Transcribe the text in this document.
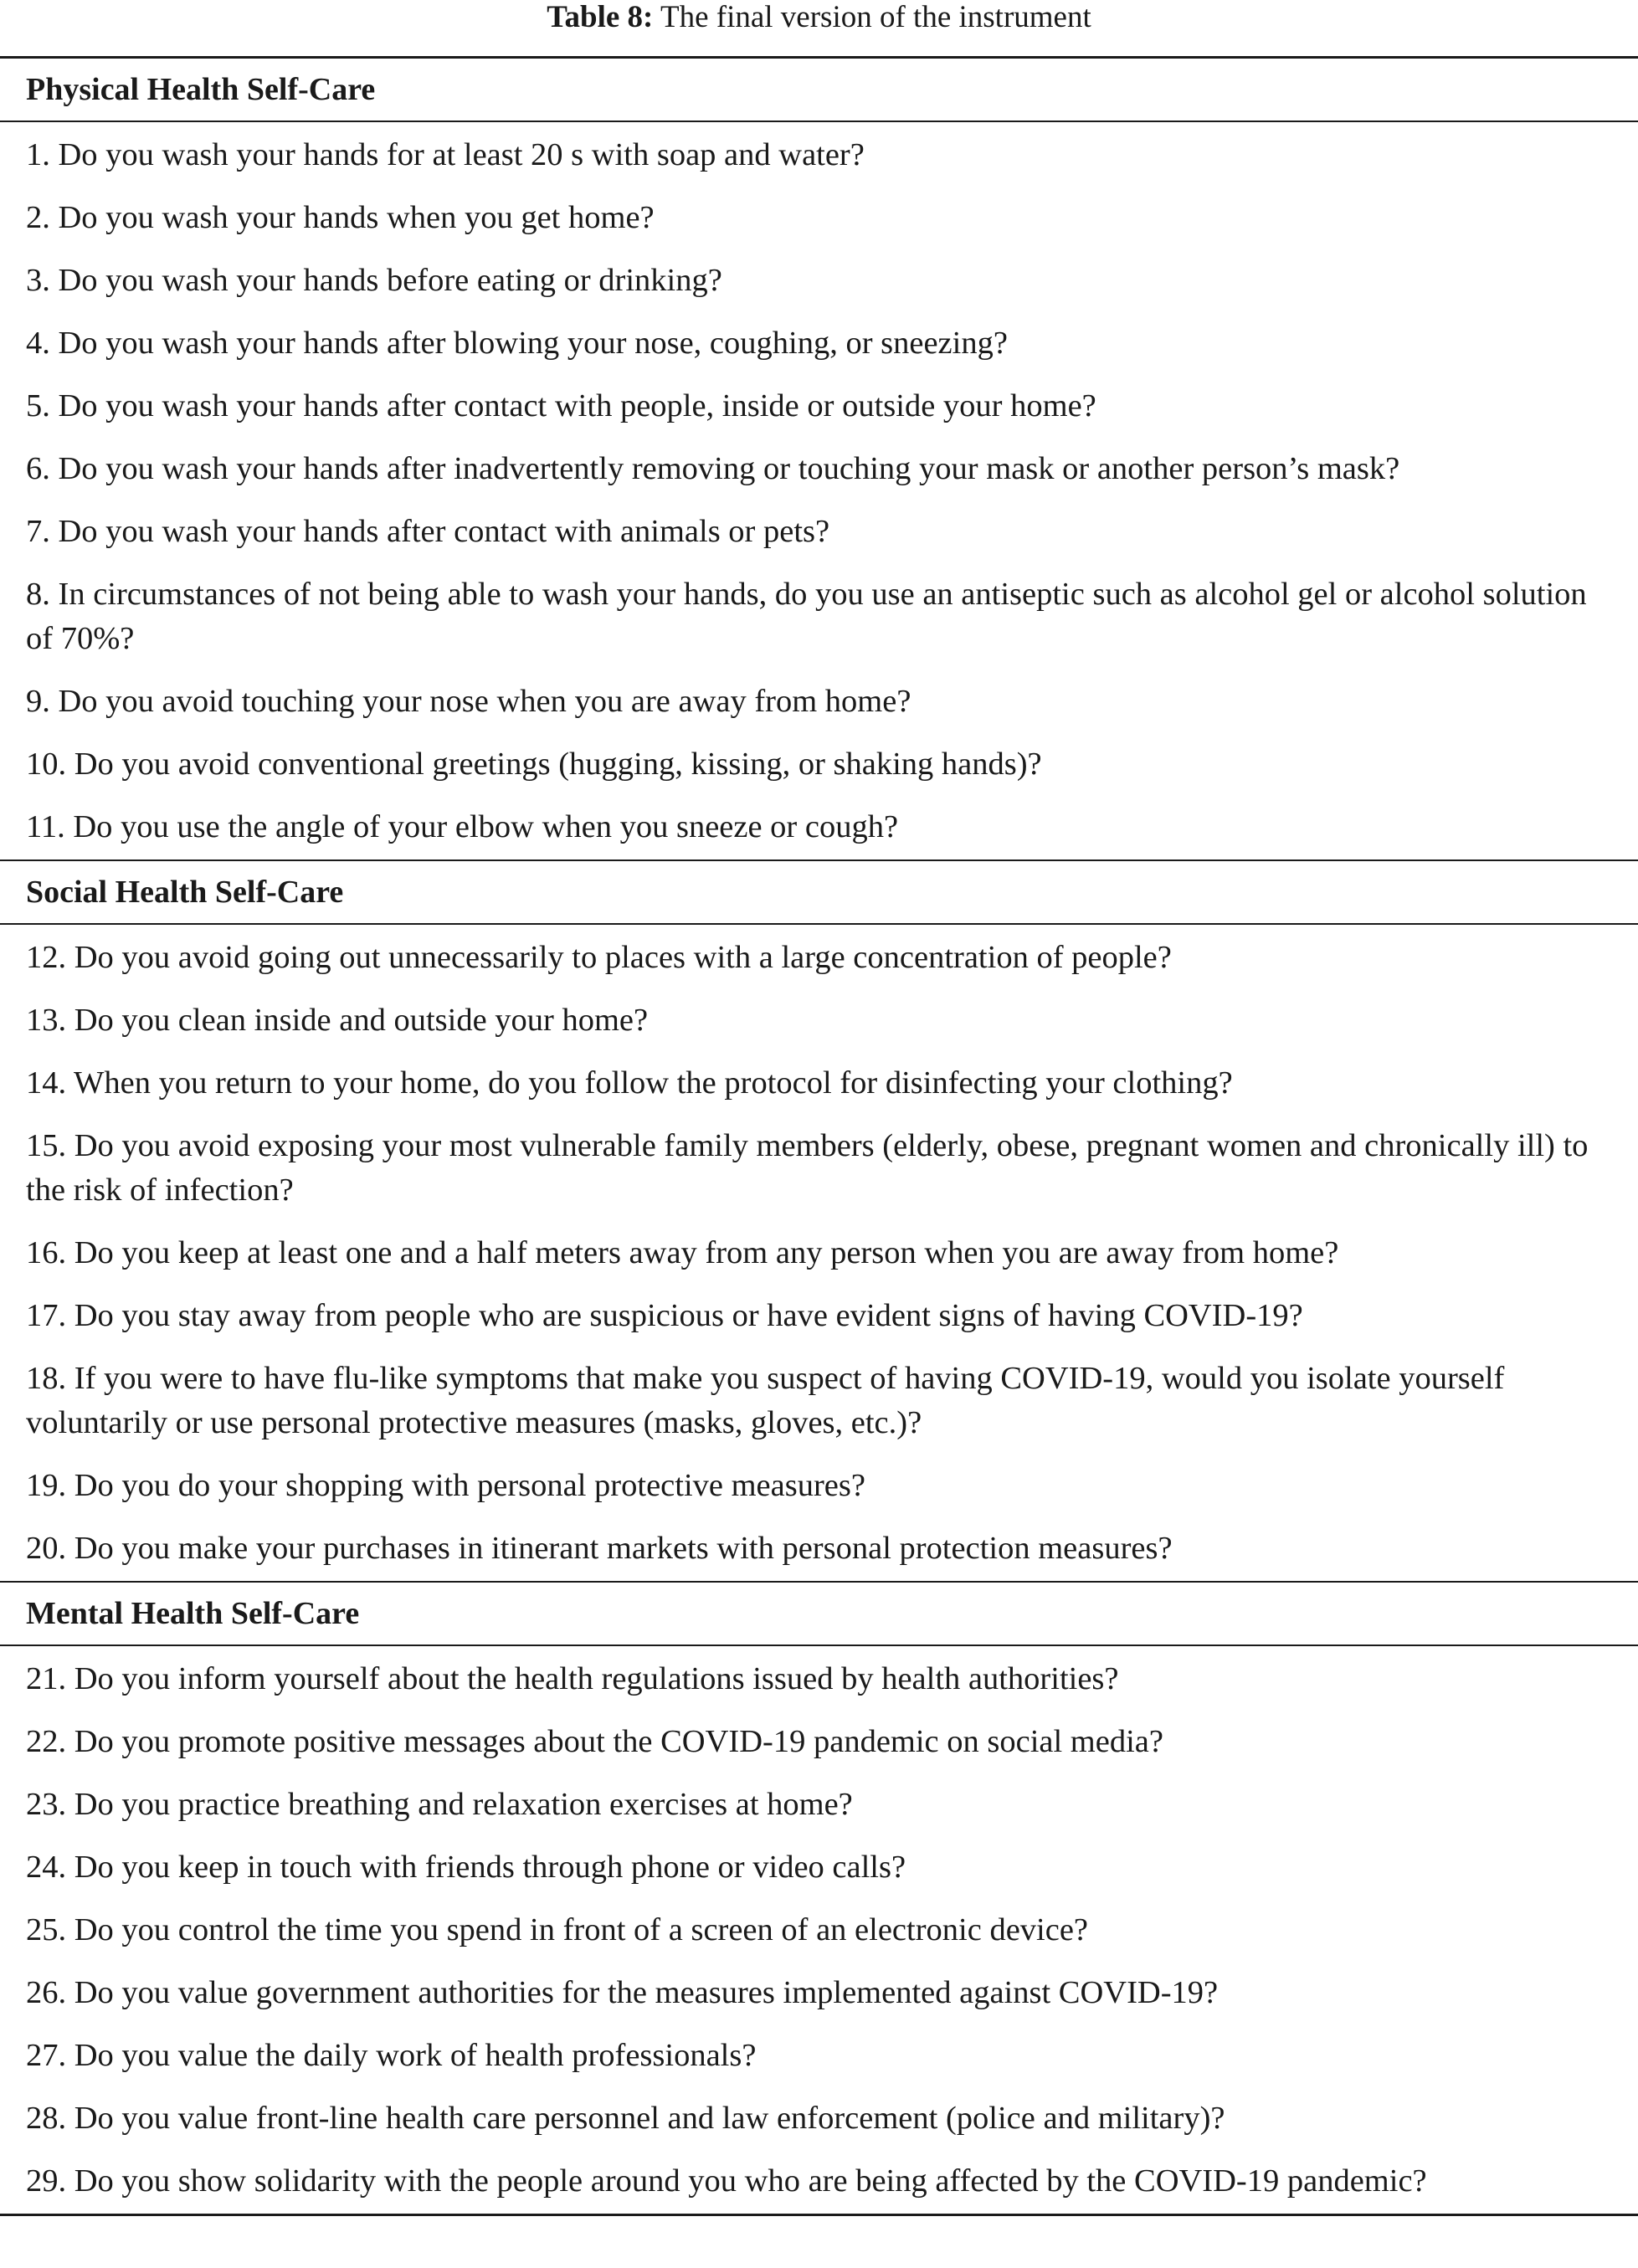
Table 8: The final version of the instrument
Physical Health Self-Care
1. Do you wash your hands for at least 20 s with soap and water?
2. Do you wash your hands when you get home?
3. Do you wash your hands before eating or drinking?
4. Do you wash your hands after blowing your nose, coughing, or sneezing?
5. Do you wash your hands after contact with people, inside or outside your home?
6. Do you wash your hands after inadvertently removing or touching your mask or another person’s mask?
7. Do you wash your hands after contact with animals or pets?
8. In circumstances of not being able to wash your hands, do you use an antiseptic such as alcohol gel or alcohol solution of 70%?
9. Do you avoid touching your nose when you are away from home?
10. Do you avoid conventional greetings (hugging, kissing, or shaking hands)?
11. Do you use the angle of your elbow when you sneeze or cough?
Social Health Self-Care
12. Do you avoid going out unnecessarily to places with a large concentration of people?
13. Do you clean inside and outside your home?
14. When you return to your home, do you follow the protocol for disinfecting your clothing?
15. Do you avoid exposing your most vulnerable family members (elderly, obese, pregnant women and chronically ill) to the risk of infection?
16. Do you keep at least one and a half meters away from any person when you are away from home?
17. Do you stay away from people who are suspicious or have evident signs of having COVID-19?
18. If you were to have flu-like symptoms that make you suspect of having COVID-19, would you isolate yourself voluntarily or use personal protective measures (masks, gloves, etc.)?
19. Do you do your shopping with personal protective measures?
20. Do you make your purchases in itinerant markets with personal protection measures?
Mental Health Self-Care
21. Do you inform yourself about the health regulations issued by health authorities?
22. Do you promote positive messages about the COVID-19 pandemic on social media?
23. Do you practice breathing and relaxation exercises at home?
24. Do you keep in touch with friends through phone or video calls?
25. Do you control the time you spend in front of a screen of an electronic device?
26. Do you value government authorities for the measures implemented against COVID-19?
27. Do you value the daily work of health professionals?
28. Do you value front-line health care personnel and law enforcement (police and military)?
29. Do you show solidarity with the people around you who are being affected by the COVID-19 pandemic?
